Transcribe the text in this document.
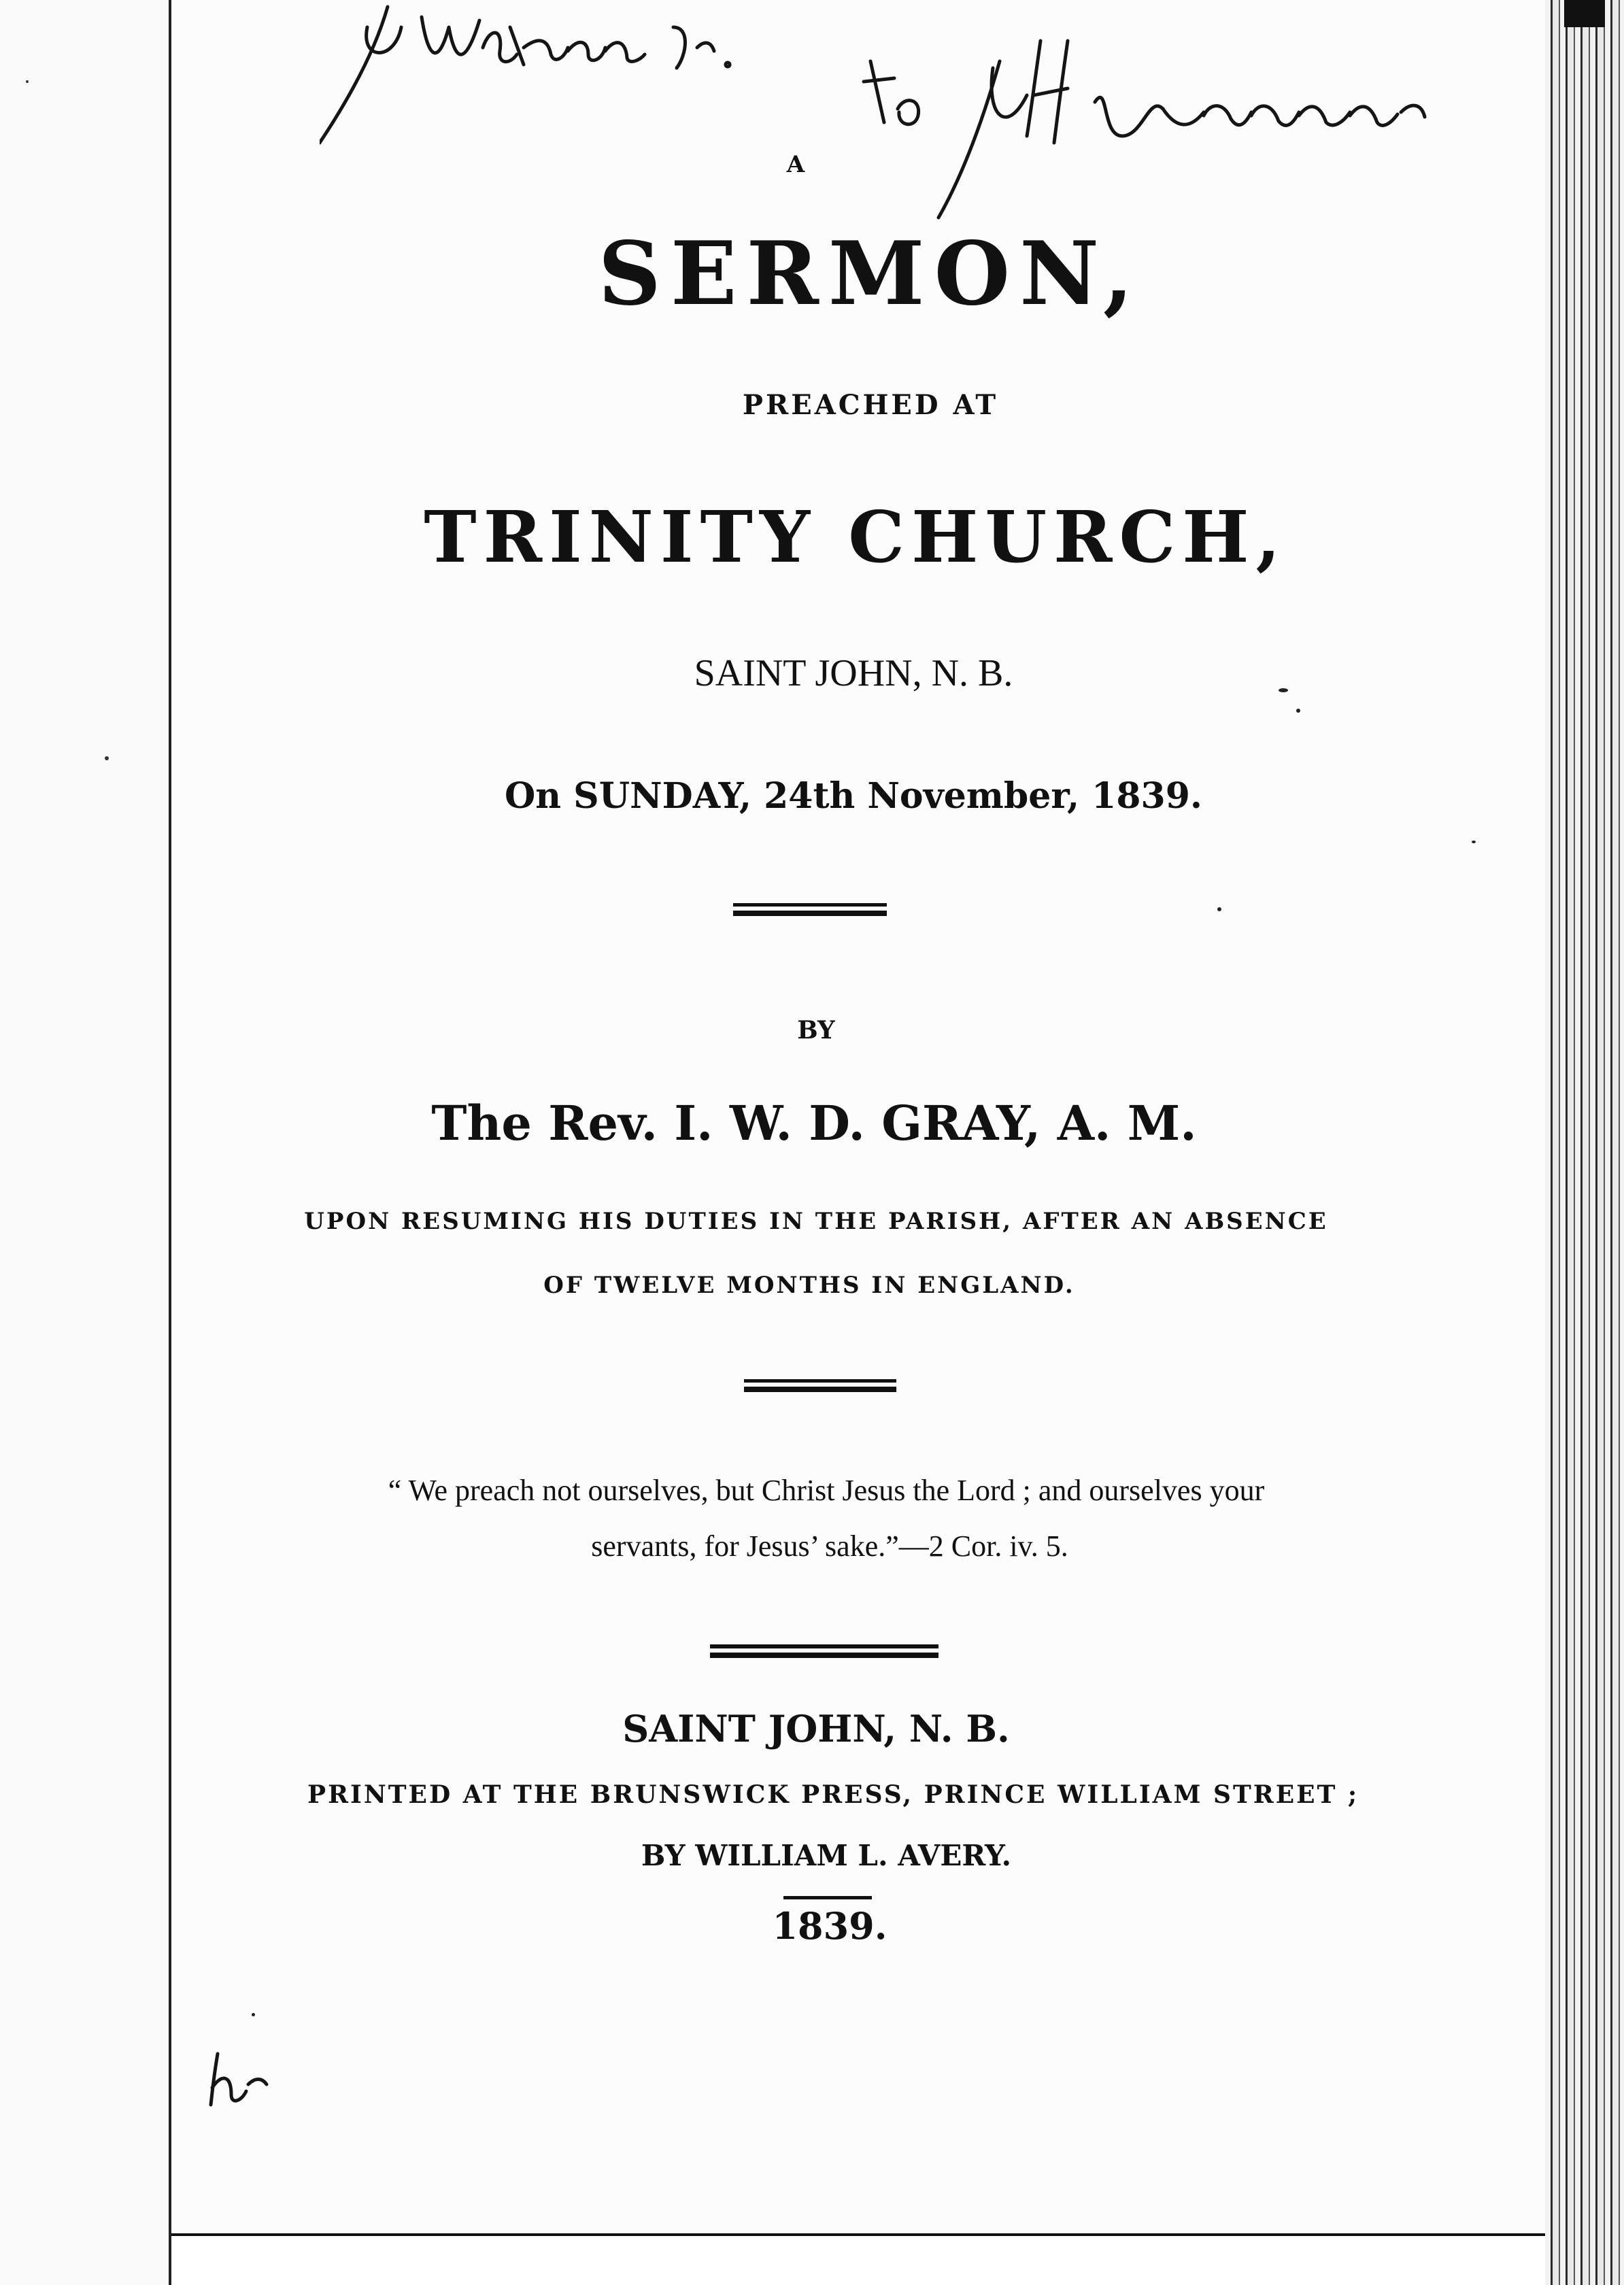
A
SERMON,
PREACHED AT
TRINITY CHURCH,
SAINT JOHN, N. B.
On SUNDAY, 24th November, 1839.
BY
The Rev. I. W. D. GRAY, A. M.
UPON RESUMING HIS DUTIES IN THE PARISH, AFTER AN ABSENCE
OF TWELVE MONTHS IN ENGLAND.
“ We preach not ourselves, but Christ Jesus the Lord ; and ourselves your
servants, for Jesus’ sake.”—2 Cor. iv. 5.
SAINT JOHN, N. B.
PRINTED AT THE BRUNSWICK PRESS, PRINCE WILLIAM STREET ;
BY WILLIAM L. AVERY.
1839.
